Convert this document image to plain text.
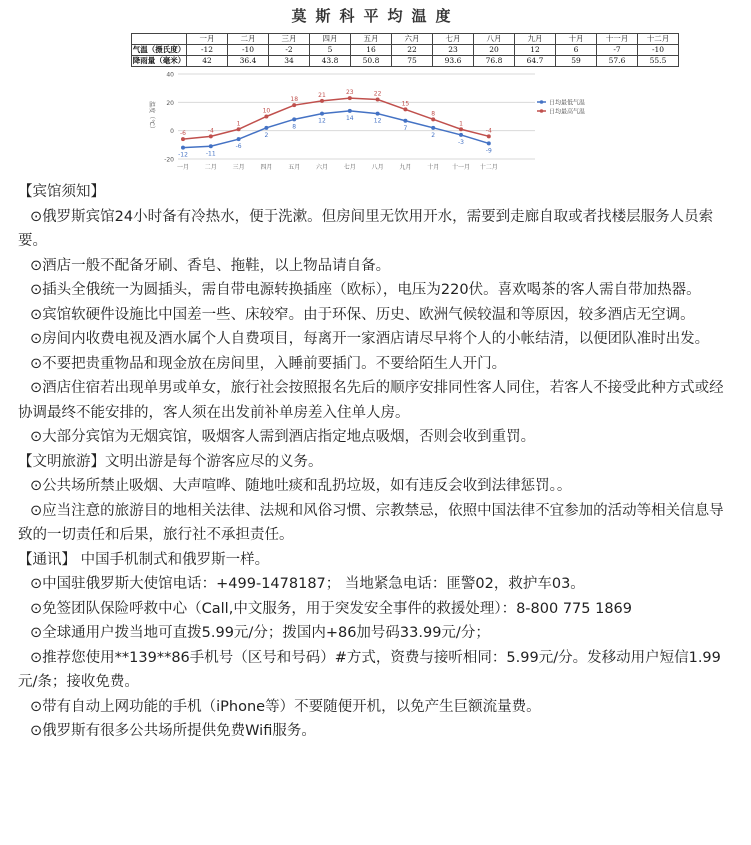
莫斯科平均温度
	一月	二月	三月	四月	五月	六月	七月	八月	九月	十月	十一月	十二月
气温（摄氏度）	-12	-10	-2	5	16	22	23	20	12	6	-7	-10
降雨量（毫米）	42	36.4	34	43.8	50.8	75	93.6	76.8	64.7	59	57.6	55.5
40
20
0
-20
温度（℃）
一月	二月	三月	四月	五月	六月	七月	八月	九月	十月 十一月 十二月
-12	-11
-6
2
8
12	14	12
7
2
-3
-9
日均最低气温
-6	-4
1
10
18
21	23	22
15
8
1
-4
日均最高气温

【宾馆须知】

⊙俄罗斯宾馆24小时备有冷热水，便于洗漱。但房间里无饮用开水，需要到走廊自取或者找楼层服务人员索要。

⊙酒店一般不配备牙刷、香皂、拖鞋，以上物品请自备。

⊙插头全俄统一为圆插头，需自带电源转换插座（欧标），电压为220伏。喜欢喝茶的客人需自带加热器。

⊙宾馆软硬件设施比中国差一些、床较窄。由于环保、历史、欧洲气候较温和等原因，较多酒店无空调。

⊙房间内收费电视及酒水属个人自费项目，每离开一家酒店请尽早将个人的小帐结清，以便团队准时出发。

⊙不要把贵重物品和现金放在房间里，入睡前要插门。不要给陌生人开门。

⊙酒店住宿若出现单男或单女，旅行社会按照报名先后的顺序安排同性客人同住，若客人不接受此种方式或经协调最终不能安排的，客人须在出发前补单房差入住单人房。

⊙大部分宾馆为无烟宾馆，吸烟客人需到酒店指定地点吸烟，否则会收到重罚。

【文明旅游】文明出游是每个游客应尽的义务。

⊙公共场所禁止吸烟、大声喧哗、随地吐痰和乱扔垃圾，如有违反会收到法律惩罚。。

⊙应当注意的旅游目的地相关法律、法规和风俗习惯、宗教禁忌，依照中国法律不宜参加的活动等相关信息导致的一切责任和后果，旅行社不承担责任。

【通讯】 中国手机制式和俄罗斯一样。

⊙中国驻俄罗斯大使馆电话：+499-1478187； 当地紧急电话：匪警02，救护车03。

⊙免签团队保险呼救中心（Call,中文服务，用于突发安全事件的救援处理）：8-800 775 1869

⊙全球通用户拨当地可直拨5.99元/分；拨国内+86加号码33.99元/分；

⊙推荐您使用**139**86手机号（区号和号码）#方式，资费与接听相同：5.99元/分。发移动用户短信1.99元/条；接收免费。

⊙带有自动上网功能的手机（iPhone等）不要随便开机，以免产生巨额流量费。

⊙俄罗斯有很多公共场所提供免费Wifi服务。
